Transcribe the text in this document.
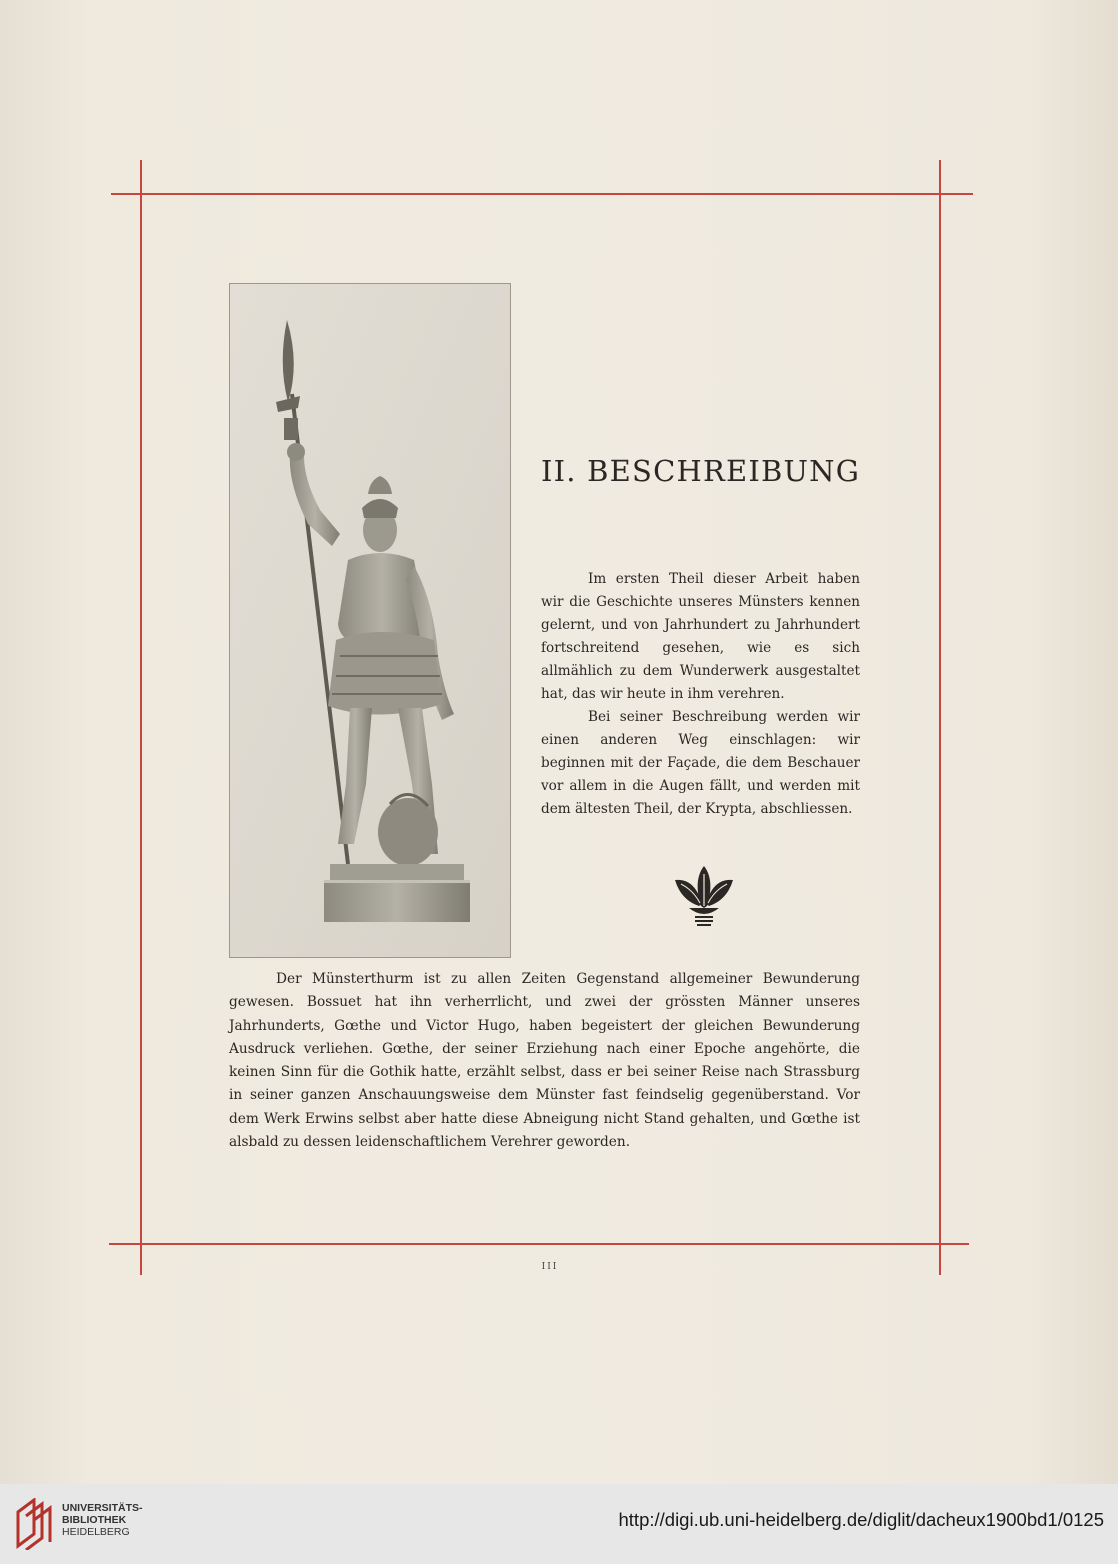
II. BESCHREIBUNG

Im ersten Theil dieser Arbeit haben wir die Geschichte unseres Münsters kennen gelernt, und von Jahrhundert zu Jahrhundert fortschreitend gesehen, wie es sich allmählich zu dem Wunderwerk ausgestaltet hat, das wir heute in ihm verehren.

Bei seiner Beschreibung werden wir einen anderen Weg einschlagen: wir beginnen mit der Façade, die dem Beschauer vor allem in die Augen fällt, und werden mit dem ältesten Theil, der Krypta, abschliessen.

Der Münsterthurm ist zu allen Zeiten Gegenstand allgemeiner Bewunderung gewesen. Bossuet hat ihn verherrlicht, und zwei der grössten Männer unseres Jahrhunderts, Gœthe und Victor Hugo, haben begeistert der gleichen Bewunderung Ausdruck verliehen. Gœthe, der seiner Erziehung nach einer Epoche angehörte, die keinen Sinn für die Gothik hatte, erzählt selbst, dass er bei seiner Reise nach Strassburg in seiner ganzen Anschauungsweise dem Münster fast feindselig gegenüberstand. Vor dem Werk Erwins selbst aber hatte diese Abneigung nicht Stand gehalten, und Gœthe ist alsbald zu dessen leidenschaftlichem Verehrer geworden.

III
UNIVERSITÄTS-
BIBLIOTHEK
HEIDELBERG
http://digi.ub.uni-heidelberg.de/diglit/dacheux1900bd1/0125
